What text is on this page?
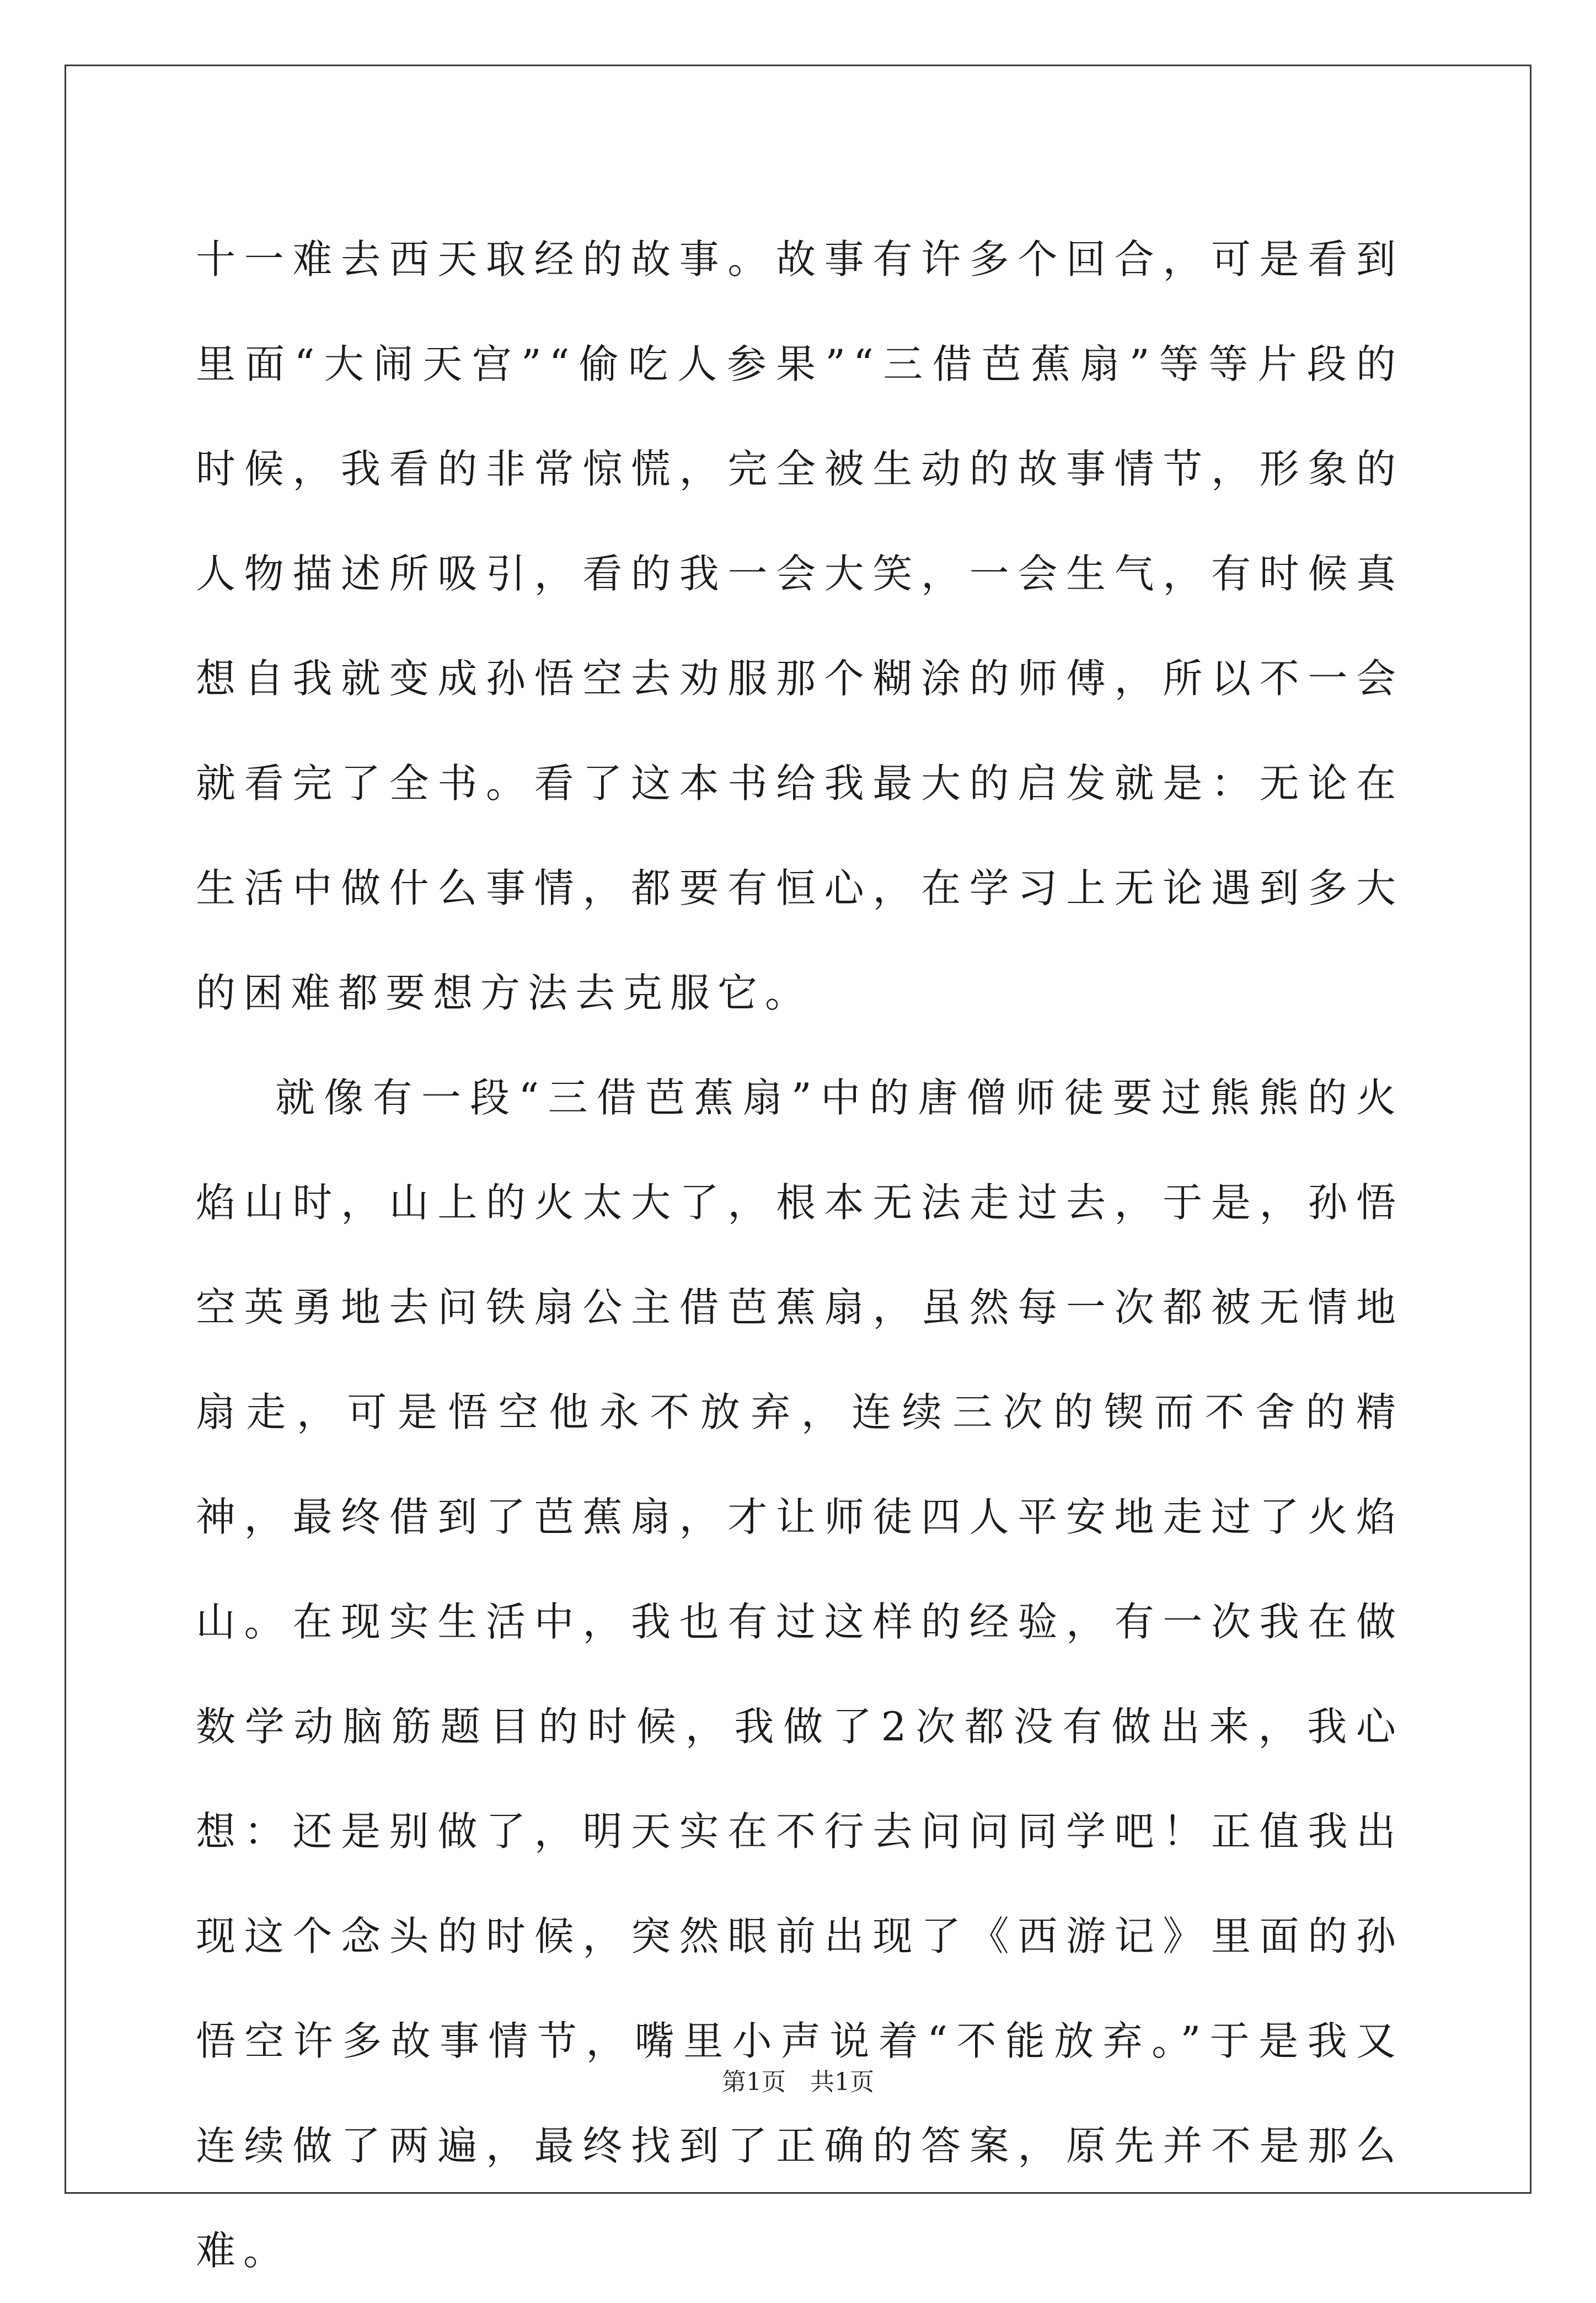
十一难去西天取经的故事。故事有许多个回合，可是看到里面“大闹天宫”“偷吃人参果”“三借芭蕉扇”等等片段的时候，我看的非常惊慌，完全被生动的故事情节，形象的人物描述所吸引，看的我一会大笑，一会生气，有时候真想自我就变成孙悟空去劝服那个糊涂的师傅，所以不一会就看完了全书。看了这本书给我最大的启发就是：无论在生活中做什么事情，都要有恒心，在学习上无论遇到多大的困难都要想方法去克服它。

就像有一段“三借芭蕉扇”中的唐僧师徒要过熊熊的火焰山时，山上的火太大了，根本无法走过去，于是，孙悟空英勇地去问铁扇公主借芭蕉扇，虽然每一次都被无情地扇走，可是悟空他永不放弃，连续三次的锲而不舍的精神，最终借到了芭蕉扇，才让师徒四人平安地走过了火焰山。在现实生活中，我也有过这样的经验，有一次我在做数学动脑筋题目的时候，我做了2次都没有做出来，我心想：还是别做了，明天实在不行去问问同学吧！正值我出现这个念头的时候，突然眼前出现了《西游记》里面的孙悟空许多故事情节，嘴里小声说着“不能放弃。”于是我又连续做了两遍，最终找到了正确的答案，原先并不是那么难。

第1页 共1页
